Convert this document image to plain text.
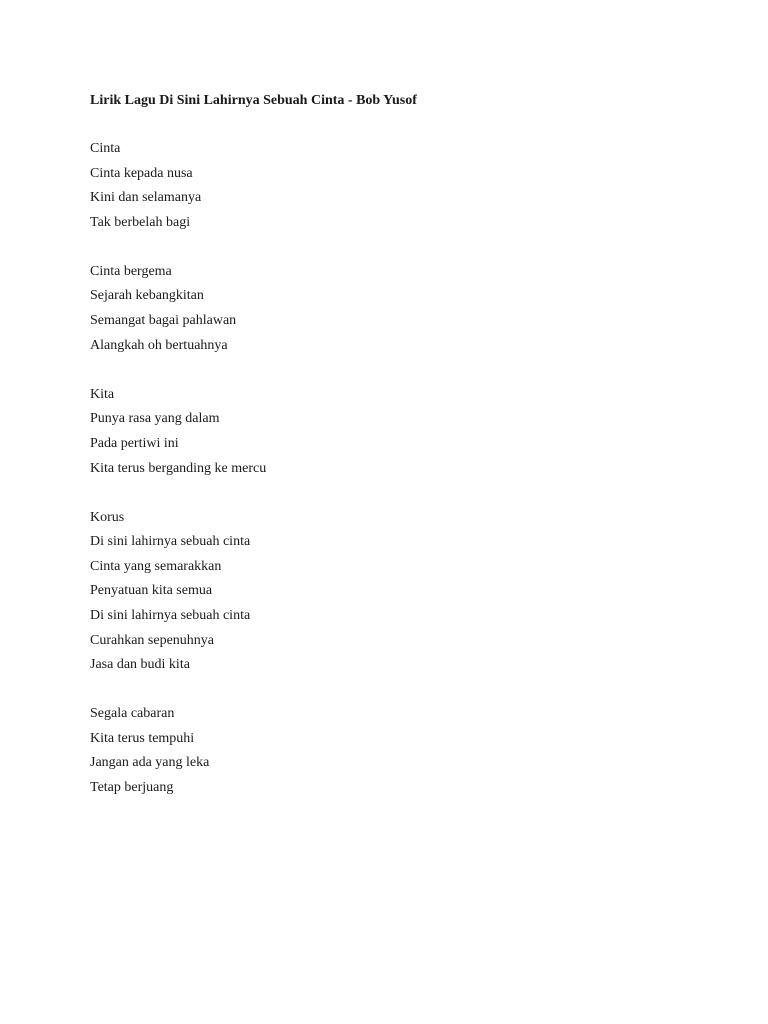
Lirik Lagu Di Sini Lahirnya Sebuah Cinta - Bob Yusof
Cinta
Cinta kepada nusa
Kini dan selamanya
Tak berbelah bagi
Cinta bergema
Sejarah kebangkitan
Semangat bagai pahlawan
Alangkah oh bertuahnya
Kita
Punya rasa yang dalam
Pada pertiwi ini
Kita terus berganding ke mercu
Korus
Di sini lahirnya sebuah cinta
Cinta yang semarakkan
Penyatuan kita semua
Di sini lahirnya sebuah cinta
Curahkan sepenuhnya
Jasa dan budi kita
Segala cabaran
Kita terus tempuhi
Jangan ada yang leka
Tetap berjuang
